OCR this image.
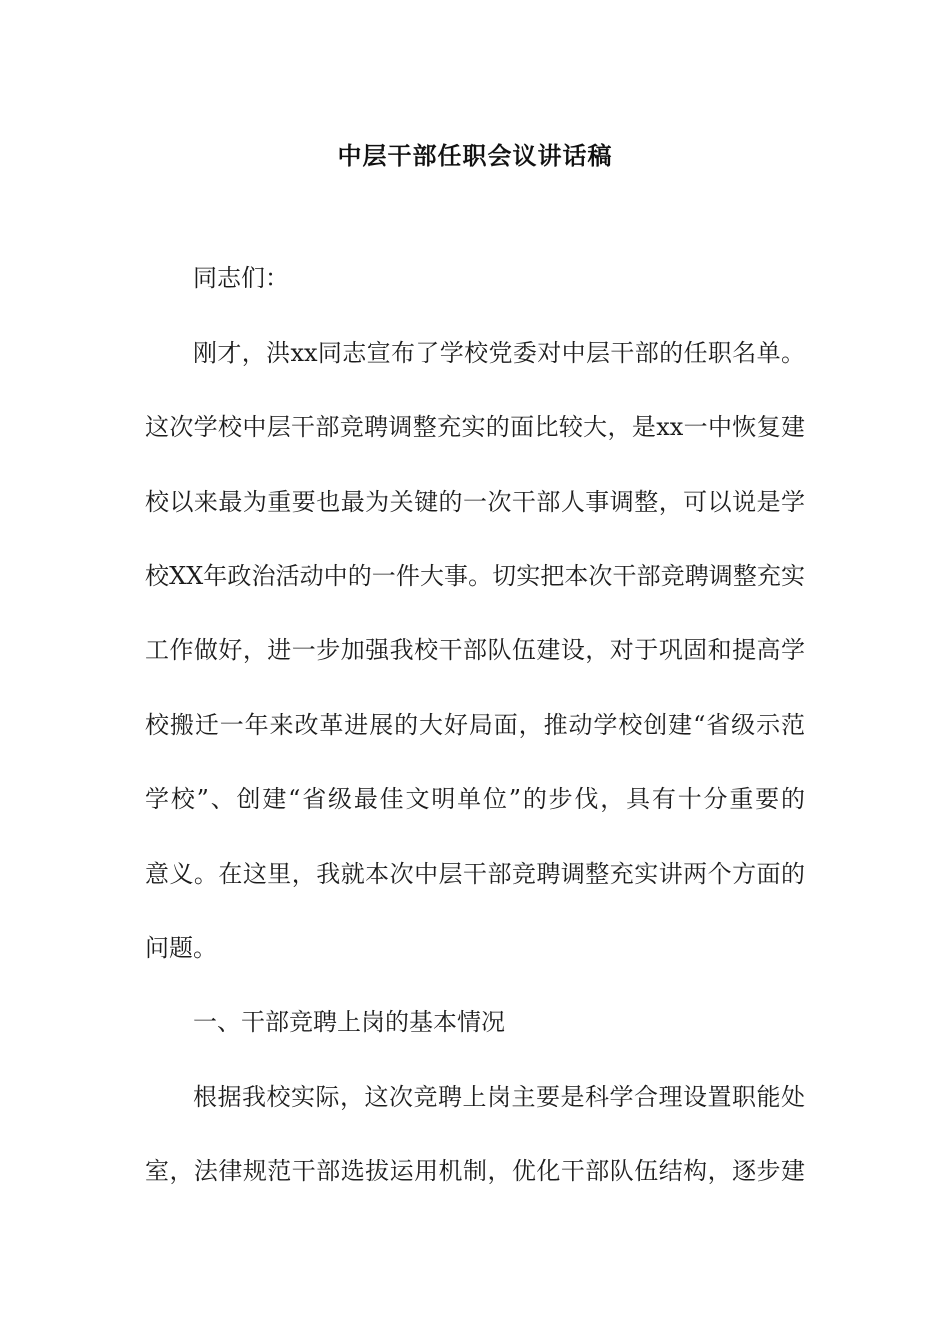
中层干部任职会议讲话稿
同志们：
刚才，洪xx同志宣布了学校党委对中层干部的任职名单。
这次学校中层干部竞聘调整充实的面比较大，是xx一中恢复建
校以来最为重要也最为关键的一次干部人事调整，可以说是学
校XX年政治活动中的一件大事。切实把本次干部竞聘调整充实
工作做好，进一步加强我校干部队伍建设，对于巩固和提高学
校搬迁一年来改革进展的大好局面，推动学校创建“省级示范
学校”、创建“省级最佳文明单位”的步伐，具有十分重要的
意义。在这里，我就本次中层干部竞聘调整充实讲两个方面的
问题。
一、干部竞聘上岗的基本情况
根据我校实际，这次竞聘上岗主要是科学合理设置职能处
室，法律规范干部选拔运用机制，优化干部队伍结构，逐步建
